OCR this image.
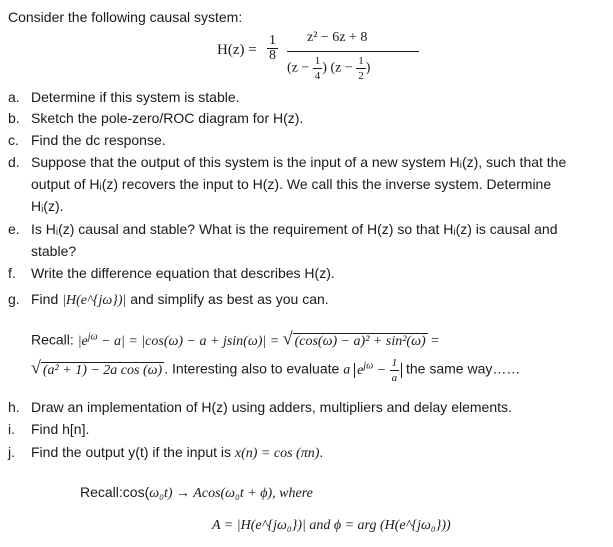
Consider the following causal system:
$H(z) = \frac{1}{8} z^2 - 6z + 8$
($z - \frac{1}{4}$ ) ($z - \frac{1}{2}$ )
a. Determine if this system is stable.
b. Sketch the pole-zero/ROC diagram for H(z).
c. Find the dc response.
d. Suppose that the output of this system is the input of a new system Hᵢ(z), such that the
output of Hᵢ(z) recovers the input to H(z). We call this the inverse system. Determine
Hᵢ(z).
e. Is Hᵢ(z) causal and stable? What is the requirement of H(z) so that Hᵢ(z) is causal and
stable?
f. Write the difference equation that describes H(z).
g. Find |H(e^{jω})| and simplify as best as you can.
Recall: $|e^{j\omega} - a| = |\cos(\omega) - a + jsin(\omega)|$ = √ (cos(ω) − a)² + sin²(ω) =
√ (a² + 1) − 2a cos (ω) . Interesting also to evaluate a $e^{j\omega} - \frac{1}{a}$ the same way……
h. Draw an implementation of H(z) using adders, multipliers and delay elements.
i. Find h[n].
j. Find the output y(t) if the input is x(n) = cos (πn).
Recall:cos(ω₀t) → Acos(ω₀t + ϕ), where
A = |H(e^{jω₀})| and ϕ = arg (H(e^{jω₀}))
